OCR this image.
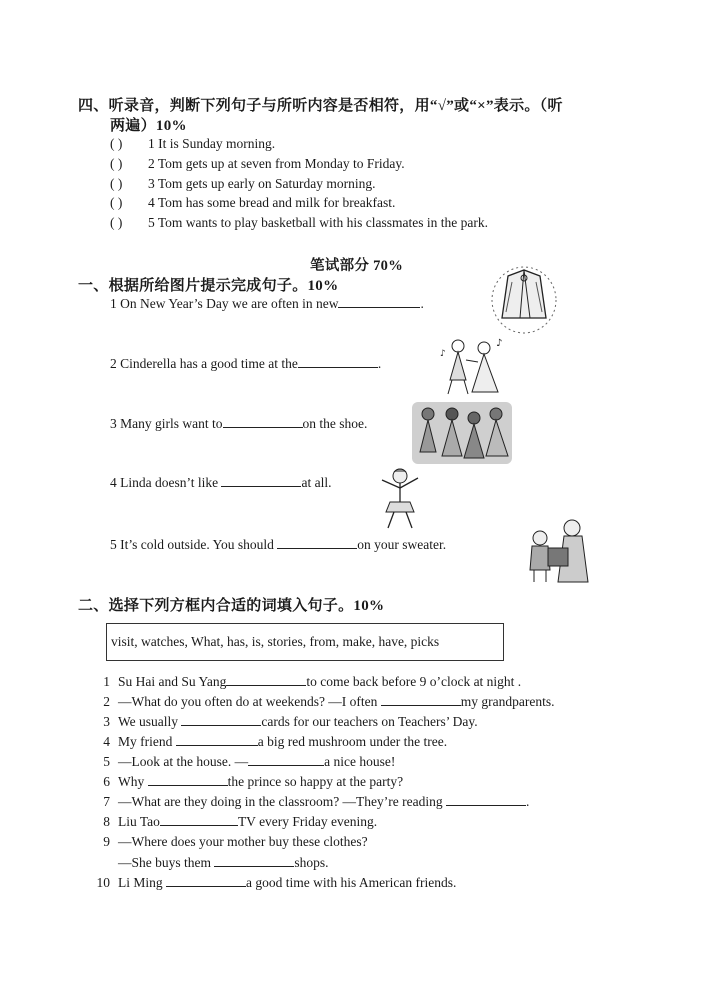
四、听录音，判断下列句子与所听内容是否相符，用“√”或“×”表示。（听
两遍）10%
( ) 1 It is Sunday morning.
( ) 2 Tom gets up at seven from Monday to Friday.
( ) 3 Tom gets up early on Saturday morning.
( ) 4 Tom has some bread and milk for breakfast.
( ) 5 Tom wants to play basketball with his classmates in the park.
笔试部分 70%
一、根据所给图片提示完成句子。10%
1 On New Year’s Day we are often in new	.
2 Cinderella has a good time at the	.
3 Many girls want to	on the shoe.
4 Linda doesn’t like	at all.
5 It’s cold outside. You should	on your sweater.
♪
♪
二、选择下列方框内合适的词填入句子。10%
visit, watches, What, has, is, stories, from, make, have, picks
1 Su Hai and Su Yang	to come back before 9 o’clock at night .
2 —What do you often do at weekends? —I often	my grandparents.
3 We usually	cards for our teachers on Teachers’ Day.
4 My friend	a big red mushroom under the tree.
5 —Look at the house. —	a nice house!
6 Why	the prince so happy at the party?
7 —What are they doing in the classroom? —They’re reading	.
8 Liu Tao	TV every Friday evening.
9 —Where does your mother buy these clothes?
—She buys them	shops.
10 Li Ming	a good time with his American friends.
